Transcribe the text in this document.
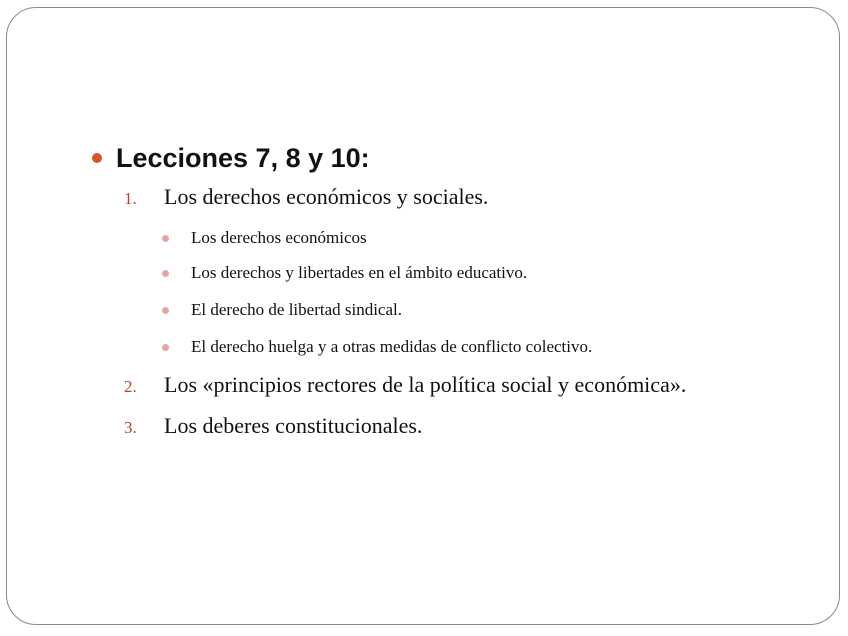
Lecciones 7, 8 y 10:
1.	Los derechos económicos y sociales.
Los derechos económicos
Los derechos y libertades en el ámbito educativo.
El derecho de libertad sindical.
El derecho huelga y a otras medidas de conflicto colectivo.
2.	Los «principios rectores de la política social y económica».
3.	Los deberes constitucionales.
